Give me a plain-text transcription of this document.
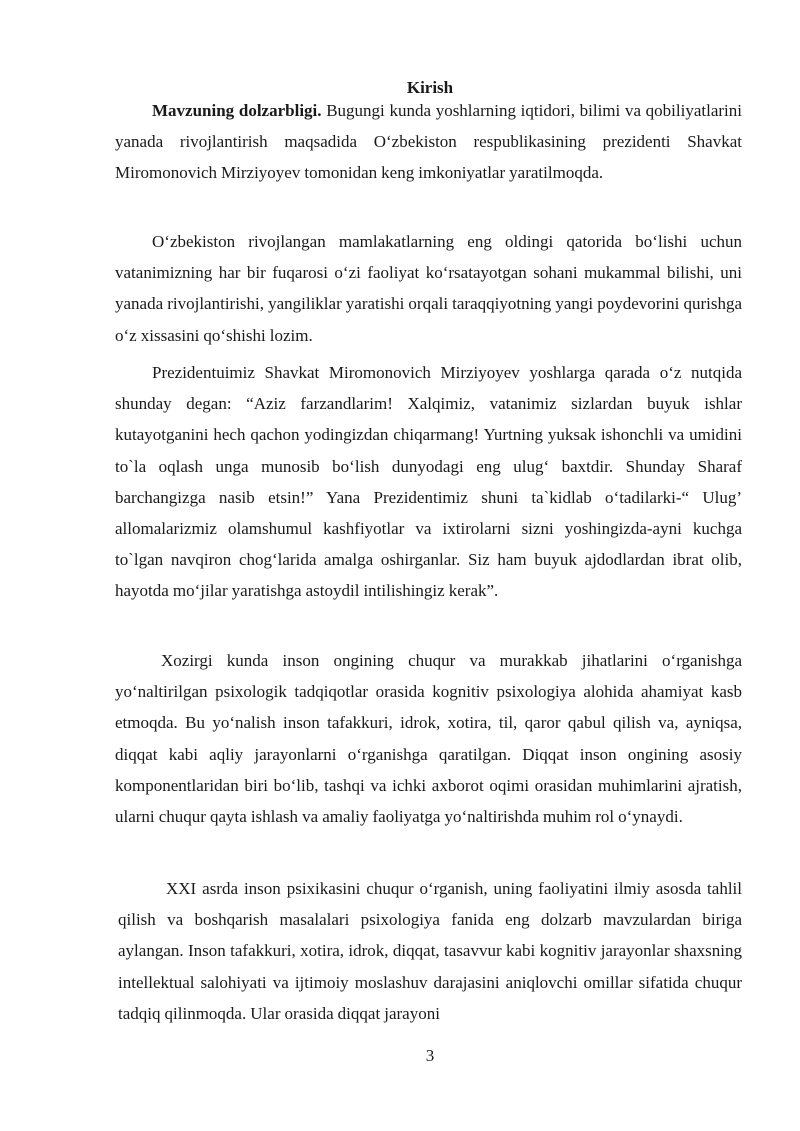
Kirish

Mavzuning dolzarbligi. Bugungi kunda yoshlarning iqtidori, bilimi va qobiliyatlarini yanada rivojlantirish maqsadida O‘zbekiston respublikasining prezidenti Shavkat Miromonovich Mirziyoyev tomonidan keng imkoniyatlar yaratilmoqda.

O‘zbekiston rivojlangan mamlakatlarning eng oldingi qatorida bo‘lishi uchun vatanimizning har bir fuqarosi o‘zi faoliyat ko‘rsatayotgan sohani mukammal bilishi, uni yanada rivojlantirishi, yangiliklar yaratishi orqali taraqqiyotning yangi poydevorini qurishga o‘z xissasini qo‘shishi lozim.

Prezidentuimiz Shavkat Miromonovich Mirziyoyev yoshlarga qarada o‘z nutqida shunday degan: “Aziz farzandlarim! Xalqimiz, vatanimiz sizlardan buyuk ishlar kutayotganini hech qachon yodingizdan chiqarmang! Yurtning yuksak ishonchli va umidini to`la oqlash unga munosib bo‘lish dunyodagi eng ulug‘ baxtdir. Shunday Sharaf barchangizga nasib etsin!” Yana Prezidentimiz shuni ta`kidlab o‘tadilarki-“ Ulug’ allomalarizmiz olamshumul kashfiyotlar va ixtirolarni sizni yoshingizda-ayni kuchga to`lgan navqiron chog‘larida amalga oshirganlar. Siz ham buyuk ajdodlardan ibrat olib, hayotda mo‘jilar yaratishga astoydil intilishingiz kerak”.

Xozirgi kunda inson ongining chuqur va murakkab jihatlarini o‘rganishga yo‘naltirilgan psixologik tadqiqotlar orasida kognitiv psixologiya alohida ahamiyat kasb etmoqda. Bu yo‘nalish inson tafakkuri, idrok, xotira, til, qaror qabul qilish va, ayniqsa, diqqat kabi aqliy jarayonlarni o‘rganishga qaratilgan. Diqqat inson ongining asosiy komponentlaridan biri bo‘lib, tashqi va ichki axborot oqimi orasidan muhimlarini ajratish, ularni chuqur qayta ishlash va amaliy faoliyatga yo‘naltirishda muhim rol o‘ynaydi.

XXI asrda inson psixikasini chuqur o‘rganish, uning faoliyatini ilmiy asosda tahlil qilish va boshqarish masalalari psixologiya fanida eng dolzarb mavzulardan biriga aylangan. Inson tafakkuri, xotira, idrok, diqqat, tasavvur kabi kognitiv jarayonlar shaxsning intellektual salohiyati va ijtimoiy moslashuv darajasini aniqlovchi omillar sifatida chuqur tadqiq qilinmoqda. Ular orasida diqqat jarayoni

3
